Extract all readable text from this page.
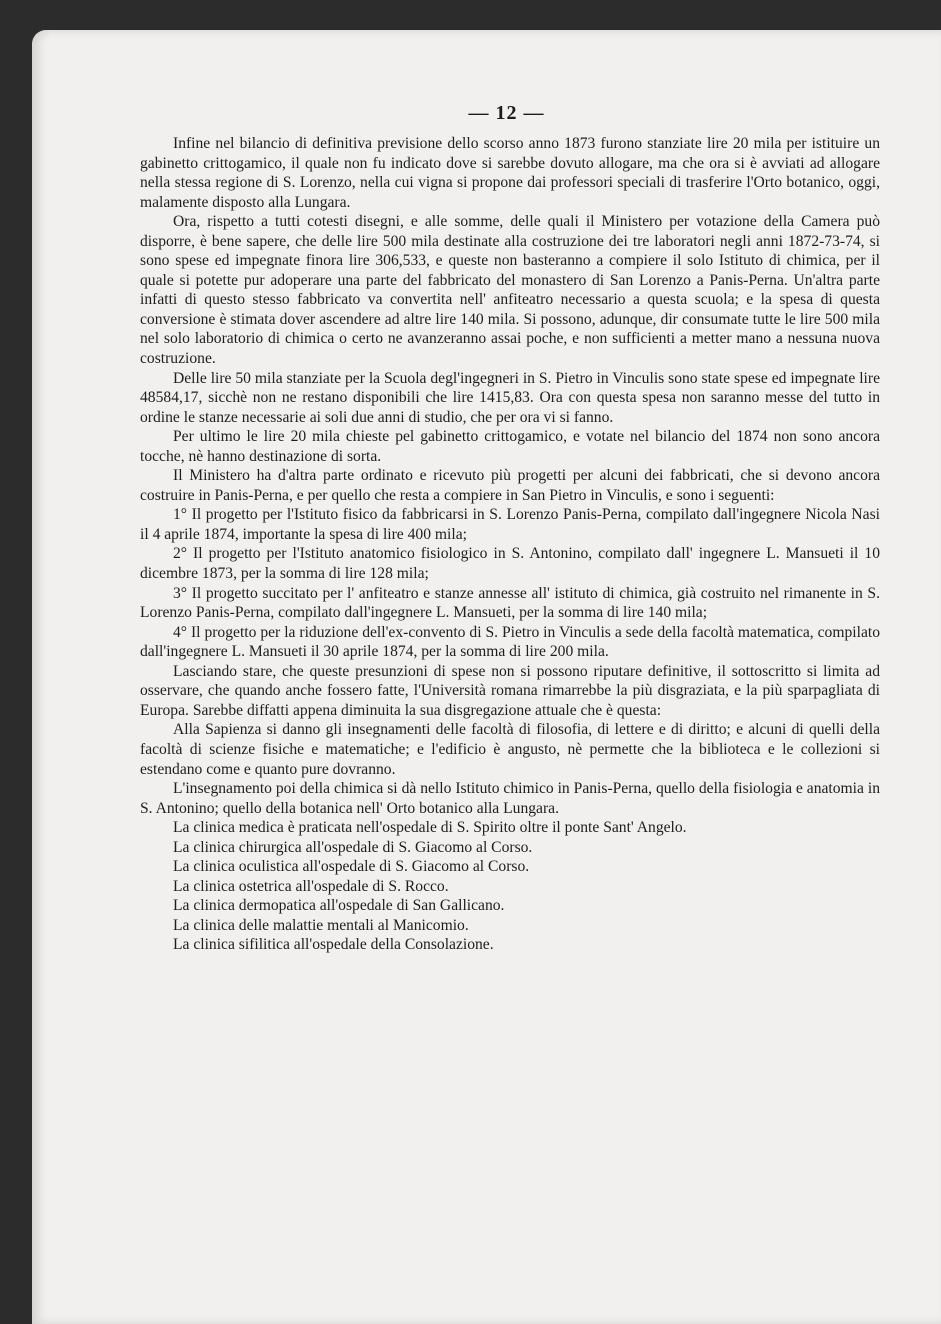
— 12 —

Infine nel bilancio di definitiva previsione dello scorso anno 1873 furono stanziate lire 20 mila per istituire un gabinetto crittogamico, il quale non fu indicato dove si sarebbe dovuto allogare, ma che ora si è avviati ad allogare nella stessa regione di S. Lorenzo, nella cui vigna si propone dai professori speciali di trasferire l'Orto botanico, oggi, malamente disposto alla Lungara.

Ora, rispetto a tutti cotesti disegni, e alle somme, delle quali il Ministero per votazione della Camera può disporre, è bene sapere, che delle lire 500 mila destinate alla costruzione dei tre laboratori negli anni 1872-73-74, si sono spese ed impegnate finora lire 306,533, e queste non basteranno a compiere il solo Istituto di chimica, per il quale si potette pur adoperare una parte del fabbricato del monastero di San Lorenzo a Panis-Perna. Un'altra parte infatti di questo stesso fabbricato va convertita nell' anfiteatro necessario a questa scuola; e la spesa di questa conversione è stimata dover ascendere ad altre lire 140 mila. Si possono, adunque, dir consumate tutte le lire 500 mila nel solo laboratorio di chimica o certo ne avanzeranno assai poche, e non sufficienti a metter mano a nessuna nuova costruzione.

Delle lire 50 mila stanziate per la Scuola degl'ingegneri in S. Pietro in Vinculis sono state spese ed impegnate lire 48584,17, sicchè non ne restano disponibili che lire 1415,83. Ora con questa spesa non saranno messe del tutto in ordine le stanze necessarie ai soli due anni di studio, che per ora vi si fanno.

Per ultimo le lire 20 mila chieste pel gabinetto crittogamico, e votate nel bilancio del 1874 non sono ancora tocche, nè hanno destinazione di sorta.

Il Ministero ha d'altra parte ordinato e ricevuto più progetti per alcuni dei fabbricati, che si devono ancora costruire in Panis-Perna, e per quello che resta a compiere in San Pietro in Vinculis, e sono i seguenti:

1° Il progetto per l'Istituto fisico da fabbricarsi in S. Lorenzo Panis-Perna, compilato dall'ingegnere Nicola Nasi il 4 aprile 1874, importante la spesa di lire 400 mila;

2° Il progetto per l'Istituto anatomico fisiologico in S. Antonino, compilato dall' ingegnere L. Mansueti il 10 dicembre 1873, per la somma di lire 128 mila;

3° Il progetto succitato per l' anfiteatro e stanze annesse all' istituto di chimica, già costruito nel rimanente in S. Lorenzo Panis-Perna, compilato dall'ingegnere L. Mansueti, per la somma di lire 140 mila;

4° Il progetto per la riduzione dell'ex-convento di S. Pietro in Vinculis a sede della facoltà matematica, compilato dall'ingegnere L. Mansueti il 30 aprile 1874, per la somma di lire 200 mila.

Lasciando stare, che queste presunzioni di spese non si possono riputare definitive, il sottoscritto si limita ad osservare, che quando anche fossero fatte, l'Università romana rimarrebbe la più disgraziata, e la più sparpagliata di Europa. Sarebbe diffatti appena diminuita la sua disgregazione attuale che è questa:

Alla Sapienza si danno gli insegnamenti delle facoltà di filosofia, di lettere e di diritto; e alcuni di quelli della facoltà di scienze fisiche e matematiche; e l'edificio è angusto, nè permette che la biblioteca e le collezioni si estendano come e quanto pure dovranno.

L'insegnamento poi della chimica si dà nello Istituto chimico in Panis-Perna, quello della fisiologia e anatomia in S. Antonino; quello della botanica nell' Orto botanico alla Lungara.

La clinica medica è praticata nell'ospedale di S. Spirito oltre il ponte Sant' Angelo.

La clinica chirurgica all'ospedale di S. Giacomo al Corso.

La clinica oculistica all'ospedale di S. Giacomo al Corso.

La clinica ostetrica all'ospedale di S. Rocco.

La clinica dermopatica all'ospedale di San Gallicano.

La clinica delle malattie mentali al Manicomio.

La clinica sifilitica all'ospedale della Consolazione.
